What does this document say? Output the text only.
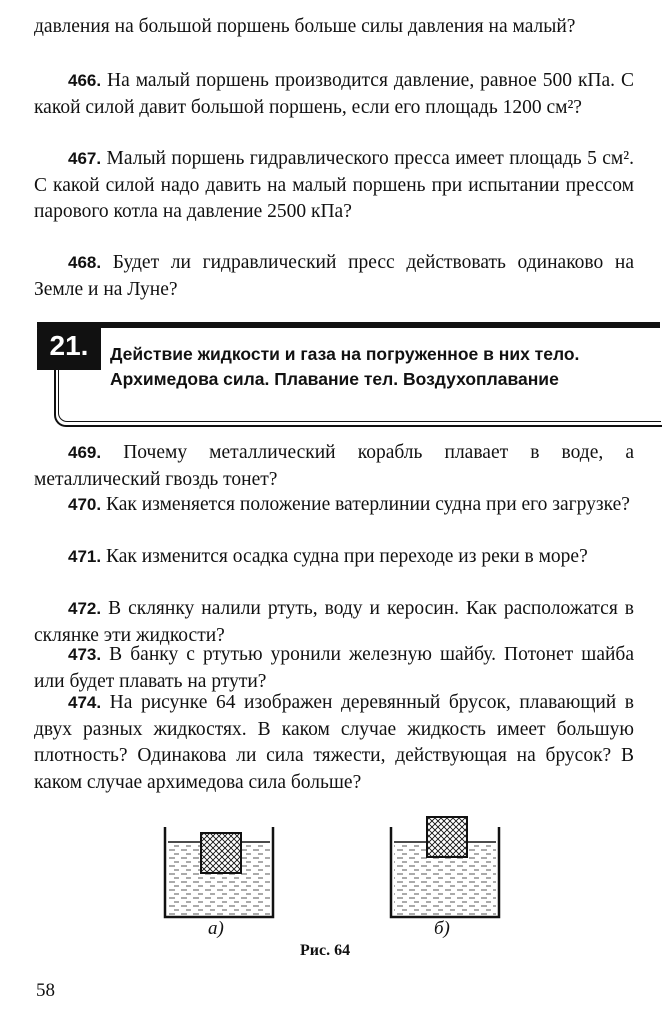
давления на большой поршень больше силы давления на малый?

466. На малый поршень производится давление, равное 500 кПа. С какой силой давит большой поршень, если его площадь 1200 см²?

467. Малый поршень гидравлического пресса имеет площадь 5 см². С какой силой надо давить на малый поршень при испытании прессом парового котла на давление 2500 кПа?

468. Будет ли гидравлический пресс действовать одинаково на Земле и на Луне?

21. Действие жидкости и газа на погруженное в них тело. Архимедова сила. Плавание тел. Воздухоплавание

469. Почему металлический корабль плавает в воде, а металлический гвоздь тонет?

470. Как изменяется положение ватерлинии судна при его загрузке?

471. Как изменится осадка судна при переходе из реки в море?

472. В склянку налили ртуть, воду и керосин. Как расположатся в склянке эти жидкости?

473. В банку с ртутью уронили железную шайбу. Потонет шайба или будет плавать на ртути?

474. На рисунке 64 изображен деревянный брусок, плавающий в двух разных жидкостях. В каком случае жидкость имеет большую плотность? Одинакова ли сила тяжести, действующая на брусок? В каком случае архимедова сила больше?

а)	б)
Рис. 64
58
